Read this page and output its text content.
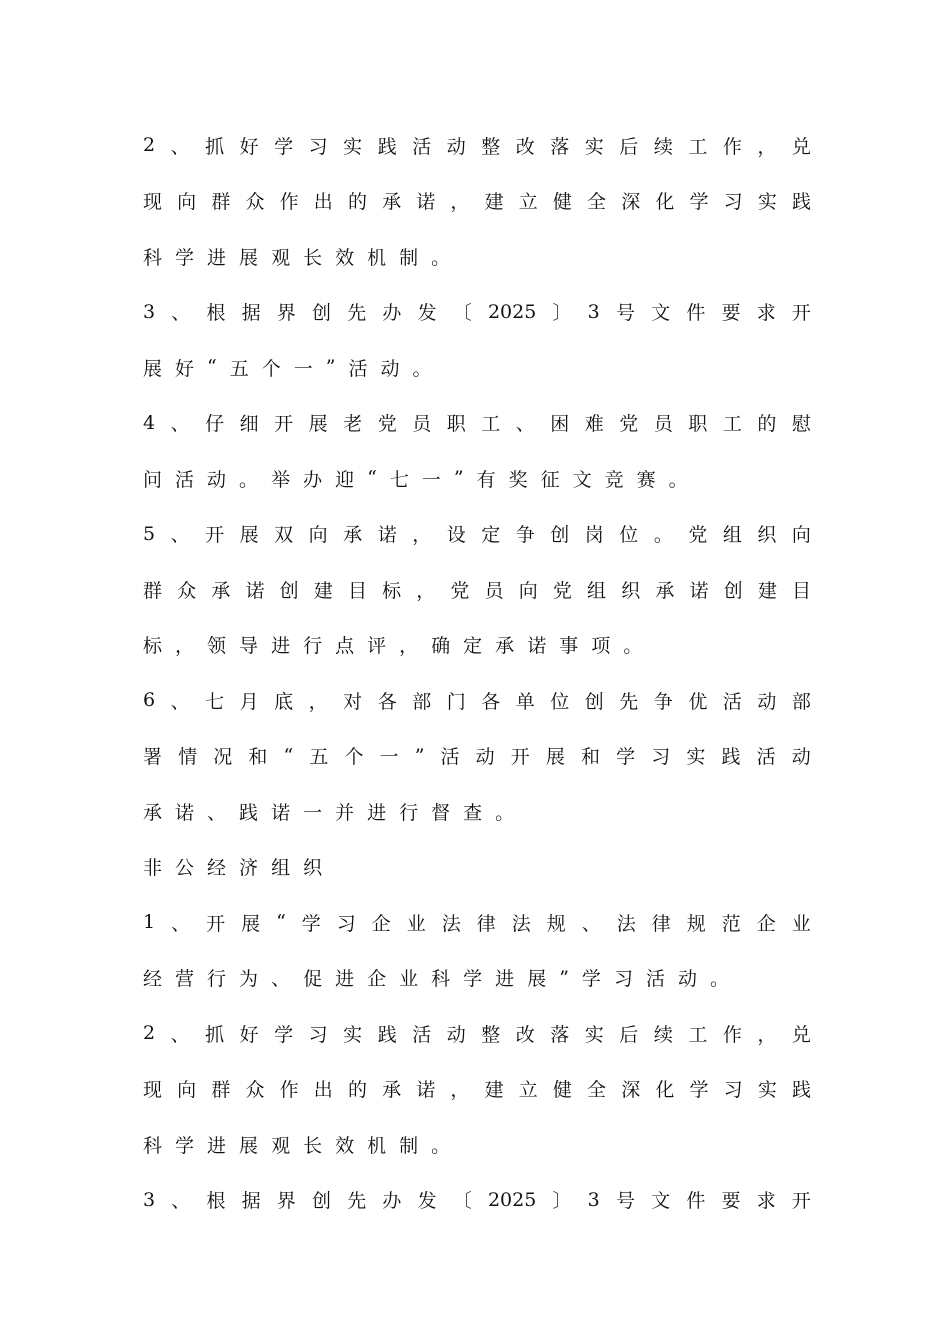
2 、 抓 好 学 习 实 践 活 动 整 改 落 实 后 续 工 作 ， 兑
现 向 群 众 作 出 的 承 诺 ， 建 立 健 全 深 化 学 习 实 践
科 学 进 展 观 长 效 机 制 。
3 、 根 据 界 创 先 办 发 〔 2025 〕 3 号 文 件 要 求 开
展 好 “ 五 个 一 ” 活 动 。
4 、 仔 细 开 展 老 党 员 职 工 、 困 难 党 员 职 工 的 慰
问 活 动 。 举 办 迎 “ 七 一 ” 有 奖 征 文 竞 赛 。
5 、 开 展 双 向 承 诺 ， 设 定 争 创 岗 位 。 党 组 织 向
群 众 承 诺 创 建 目 标 ， 党 员 向 党 组 织 承 诺 创 建 目
标 ， 领 导 进 行 点 评 ， 确 定 承 诺 事 项 。
6 、 七 月 底 ， 对 各 部 门 各 单 位 创 先 争 优 活 动 部
署 情 况 和 “ 五 个 一 ” 活 动 开 展 和 学 习 实 践 活 动
承 诺 、 践 诺 一 并 进 行 督 查 。
非 公 经 济 组 织
1 、 开 展 “ 学 习 企 业 法 律 法 规 、 法 律 规 范 企 业
经 营 行 为 、 促 进 企 业 科 学 进 展 ” 学 习 活 动 。
2 、 抓 好 学 习 实 践 活 动 整 改 落 实 后 续 工 作 ， 兑
现 向 群 众 作 出 的 承 诺 ， 建 立 健 全 深 化 学 习 实 践
科 学 进 展 观 长 效 机 制 。
3 、 根 据 界 创 先 办 发 〔 2025 〕 3 号 文 件 要 求 开
